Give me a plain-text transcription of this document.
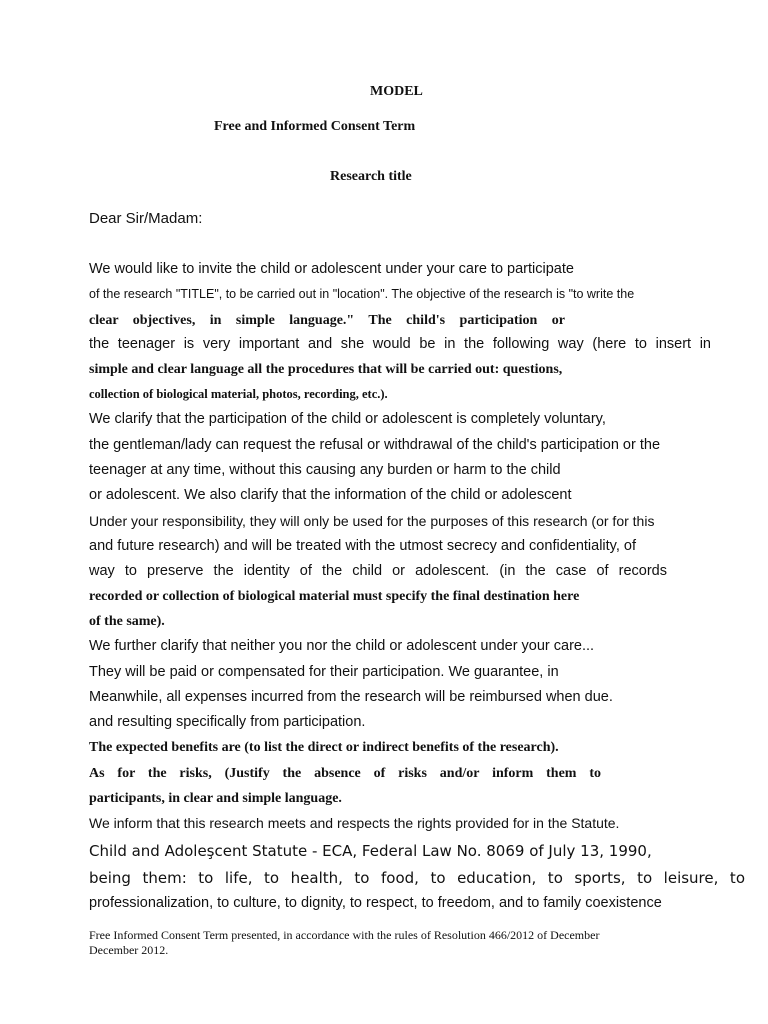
MODEL
Free and Informed Consent Term
Research title
Dear Sir/Madam:
We would like to invite the child or adolescent under your care to participate
of the research "TITLE", to be carried out in "location". The objective of the research is "to write the
clear objectives, in simple language." The child's participation or
the teenager is very important and she would be in the following way (here to insert in
simple and clear language all the procedures that will be carried out: questions,
collection of biological material, photos, recording, etc.).
We clarify that the participation of the child or adolescent is completely voluntary,
the gentleman/lady can request the refusal or withdrawal of the child's participation or the
teenager at any time, without this causing any burden or harm to the child
or adolescent. We also clarify that the information of the child or adolescent
Under your responsibility, they will only be used for the purposes of this research (or for this
and future research) and will be treated with the utmost secrecy and confidentiality, of
way to preserve the identity of the child or adolescent. (in the case of records
recorded or collection of biological material must specify the final destination here
of the same).
We further clarify that neither you nor the child or adolescent under your care...
They will be paid or compensated for their participation. We guarantee, in
Meanwhile, all expenses incurred from the research will be reimbursed when due.
and resulting specifically from participation.
The expected benefits are (to list the direct or indirect benefits of the research).
As for the risks, (Justify the absence of risks and/or inform them to
participants, in clear and simple language.
We inform that this research meets and respects the rights provided for in the Statute.
Child and Adoleşcent Statute - ECA, Federal Law No. 8069 of July 13, 1990,
being them: to life, to health, to food, to education, to sports, to leisure, to
professionalization, to culture, to dignity, to respect, to freedom, and to family coexistence
Free Informed Consent Term presented, in accordance with the rules of Resolution 466/2012 of December
December 2012.
